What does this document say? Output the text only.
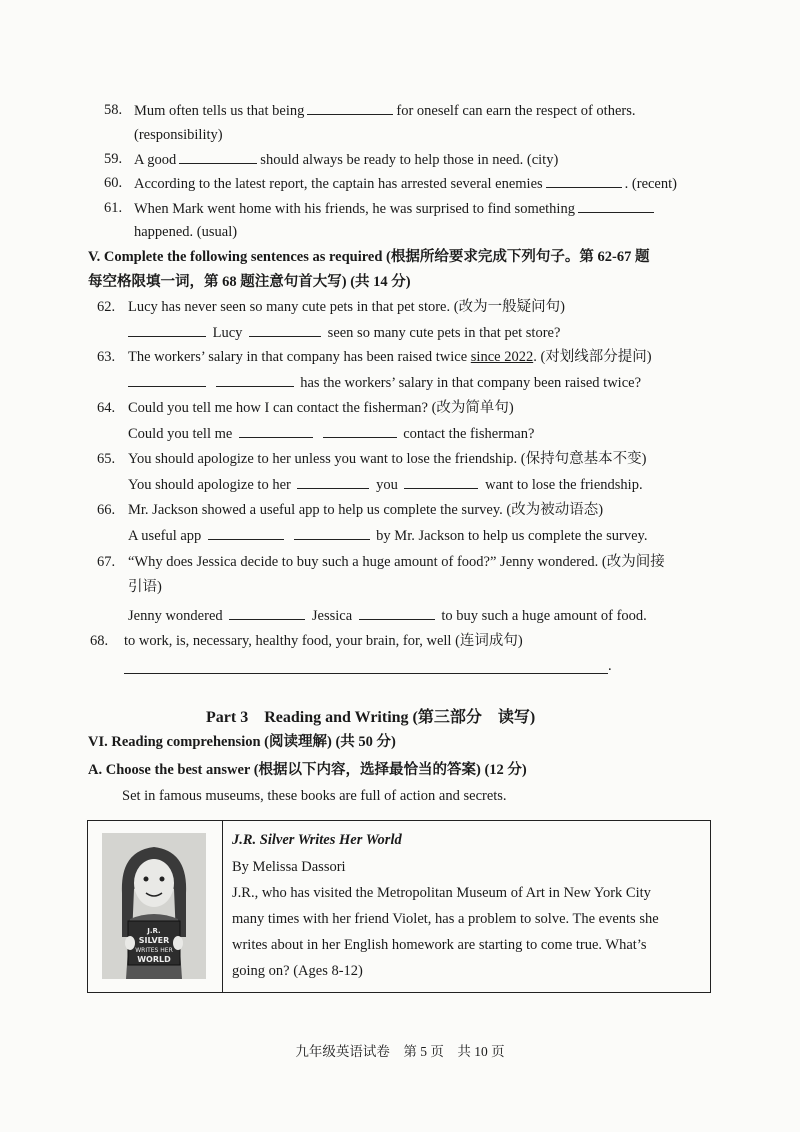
58. Mum often tells us that being	for oneself can earn the respect of others.
(responsibility)
59. A good	should always be ready to help those in need. (city)
60. According to the latest report, the captain has arrested several enemies	. (recent)
61. When Mark went home with his friends, he was surprised to find something
happened. (usual)
V. Complete the following sentences as required (根据所给要求完成下列句子。第 62-67 题
每空格限填一词，第 68 题注意句首大写) (共 14 分)
62. Lucy has never seen so many cute pets in that pet store. (改为一般疑问句)
Lucy	seen so many cute pets in that pet store?
63. The workers’ salary in that company has been raised twice since 2022. (对划线部分提问)
has the workers’ salary in that company been raised twice?
64. Could you tell me how I can contact the fisherman? (改为简单句)
Could you tell me	contact the fisherman?
65. You should apologize to her unless you want to lose the friendship. (保持句意基本不变)
You should apologize to her	you	want to lose the friendship.
66. Mr. Jackson showed a useful app to help us complete the survey. (改为被动语态)
A useful app	by Mr. Jackson to help us complete the survey.
67. “Why does Jessica decide to buy such a huge amount of food?” Jenny wondered. (改为间接
引语)
Jenny wondered	Jessica	to buy such a huge amount of food.
68. to work, is, necessary, healthy food, your brain, for, well (连词成句)
.
Part 3    Reading and Writing (第三部分    读写)
VI. Reading comprehension (阅读理解) (共 50 分)
A. Choose the best answer (根据以下内容，选择最恰当的答案) (12 分)
Set in famous museums, these books are full of action and secrets.
J.R.
SILVER
WRITES HER
WORLD
J.R. Silver Writes Her World
By Melissa Dassori
J.R., who has visited the Metropolitan Museum of Art in New York City
many times with her friend Violet, has a problem to solve. The events she
writes about in her English homework are starting to come true. What’s
going on? (Ages 8-12)
九年级英语试卷    第 5 页    共 10 页
